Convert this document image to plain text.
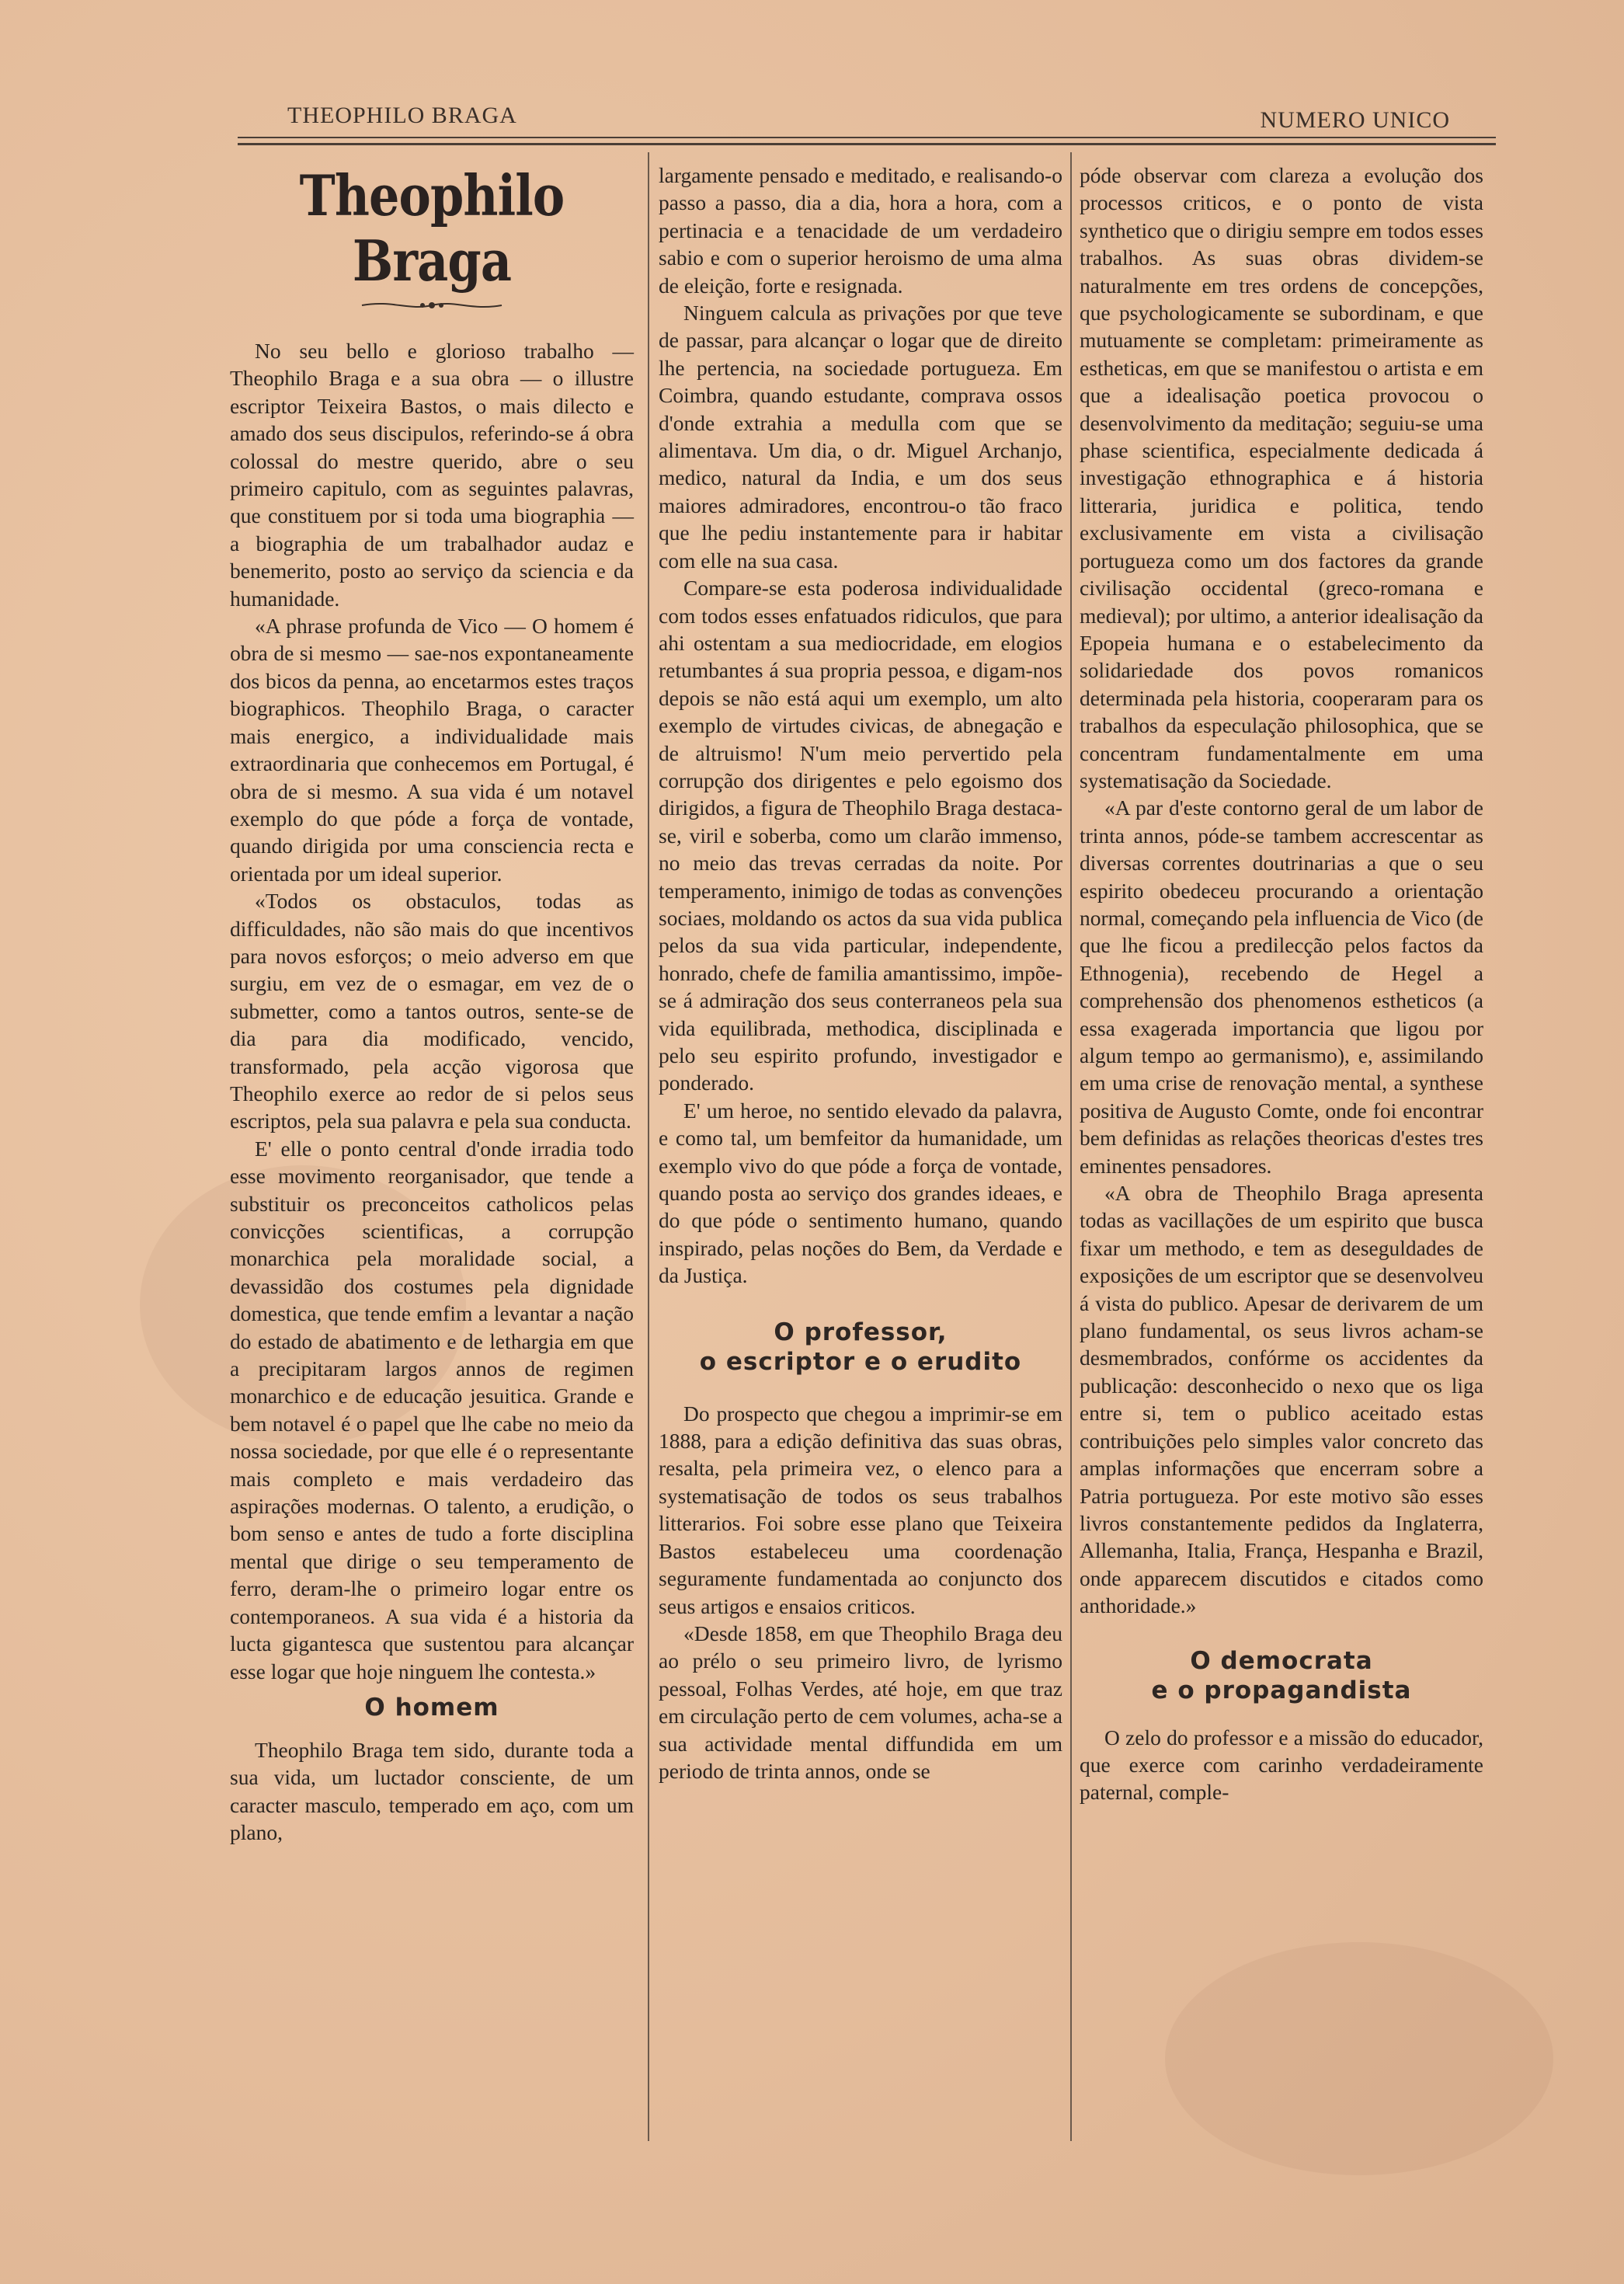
THEOPHILO BRAGA	NUMERO UNICO
Theophilo Braga

No seu bello e glorioso trabalho — Theophilo Braga e a sua obra — o illustre escriptor Teixeira Bastos, o mais dilecto e amado dos seus discipulos, referindo-se á obra colossal do mestre querido, abre o seu primeiro capitulo, com as seguintes palavras, que constituem por si toda uma biographia — a biographia de um trabalhador audaz e benemerito, posto ao serviço da sciencia e da humanidade.

«A phrase profunda de Vico — O homem é obra de si mesmo — sae-nos expontaneamente dos bicos da penna, ao encetarmos estes traços biographicos. Theophilo Braga, o caracter mais energico, a individualidade mais extraordinaria que conhecemos em Portugal, é obra de si mesmo. A sua vida é um notavel exemplo do que póde a força de vontade, quando dirigida por uma consciencia recta e orientada por um ideal superior.

«Todos os obstaculos, todas as difficuldades, não são mais do que incentivos para novos esforços; o meio adverso em que surgiu, em vez de o esmagar, em vez de o submetter, como a tantos outros, sente-se de dia para dia modificado, vencido, transformado, pela acção vigorosa que Theophilo exerce ao redor de si pelos seus escriptos, pela sua palavra e pela sua conducta.

E' elle o ponto central d'onde irradia todo esse movimento reorganisador, que tende a substituir os preconceitos catholicos pelas convicções scientificas, a corrupção monarchica pela moralidade social, a devassidão dos costumes pela dignidade domestica, que tende emfim a levantar a nação do estado de abatimento e de lethargia em que a precipitaram largos annos de regimen monarchico e de educação jesuitica. Grande e bem notavel é o papel que lhe cabe no meio da nossa sociedade, por que elle é o representante mais completo e mais verdadeiro das aspirações modernas. O talento, a erudição, o bom senso e antes de tudo a forte disciplina mental que dirige o seu temperamento de ferro, deram-lhe o primeiro logar entre os contemporaneos. A sua vida é a historia da lucta gigantesca que sustentou para alcançar esse logar que hoje ninguem lhe contesta.»

O homem

Theophilo Braga tem sido, durante toda a sua vida, um luctador consciente, de um caracter masculo, temperado em aço, com um plano,

largamente pensado e meditado, e realisando-o passo a passo, dia a dia, hora a hora, com a pertinacia e a tenacidade de um verdadeiro sabio e com o superior heroismo de uma alma de eleição, forte e resignada.

Ninguem calcula as privações por que teve de passar, para alcançar o logar que de direito lhe pertencia, na sociedade portugueza. Em Coimbra, quando estudante, comprava ossos d'onde extrahia a medulla com que se alimentava. Um dia, o dr. Miguel Archanjo, medico, natural da India, e um dos seus maiores admiradores, encontrou-o tão fraco que lhe pediu instantemente para ir habitar com elle na sua casa.

Compare-se esta poderosa individualidade com todos esses enfatuados ridiculos, que para ahi ostentam a sua mediocridade, em elogios retumbantes á sua propria pessoa, e digam-nos depois se não está aqui um exemplo, um alto exemplo de virtudes civicas, de abnegação e de altruismo! N'um meio pervertido pela corrupção dos dirigentes e pelo egoismo dos dirigidos, a figura de Theophilo Braga destaca-se, viril e soberba, como um clarão immenso, no meio das trevas cerradas da noite. Por temperamento, inimigo de todas as convenções sociaes, moldando os actos da sua vida publica pelos da sua vida particular, independente, honrado, chefe de familia amantissimo, impõe-se á admiração dos seus conterraneos pela sua vida equilibrada, methodica, disciplinada e pelo seu espirito profundo, investigador e ponderado.

E' um heroe, no sentido elevado da palavra, e como tal, um bemfeitor da humanidade, um exemplo vivo do que póde a força de vontade, quando posta ao serviço dos grandes ideaes, e do que póde o sentimento humano, quando inspirado, pelas noções do Bem, da Verdade e da Justiça.

O professor,
o escriptor e o erudito

Do prospecto que chegou a imprimir-se em 1888, para a edição definitiva das suas obras, resalta, pela primeira vez, o elenco para a systematisação de todos os seus trabalhos litterarios. Foi sobre esse plano que Teixeira Bastos estabeleceu uma coordenação seguramente fundamentada ao conjuncto dos seus artigos e ensaios criticos.

«Desde 1858, em que Theophilo Braga deu ao prélo o seu primeiro livro, de lyrismo pessoal, Folhas Verdes, até hoje, em que traz em circulação perto de cem volumes, acha-se a sua actividade mental diffundida em um periodo de trinta annos, onde se

póde observar com clareza a evolução dos processos criticos, e o ponto de vista synthetico que o dirigiu sempre em todos esses trabalhos. As suas obras dividem-se naturalmente em tres ordens de concepções, que psychologicamente se subordinam, e que mutuamente se completam: primeiramente as estheticas, em que se manifestou o artista e em que a idealisação poetica provocou o desenvolvimento da meditação; seguiu-se uma phase scientifica, especialmente dedicada á investigação ethnographica e á historia litteraria, juridica e politica, tendo exclusivamente em vista a civilisação portugueza como um dos factores da grande civilisação occidental (greco-romana e medieval); por ultimo, a anterior idealisação da Epopeia humana e o estabelecimento da solidariedade dos povos romanicos determinada pela historia, cooperaram para os trabalhos da especulação philosophica, que se concentram fundamentalmente em uma systematisação da Sociedade.

«A par d'este contorno geral de um labor de trinta annos, póde-se tambem accrescentar as diversas correntes doutrinarias a que o seu espirito obedeceu procurando a orientação normal, começando pela influencia de Vico (de que lhe ficou a predilecção pelos factos da Ethnogenia), recebendo de Hegel a comprehensão dos phenomenos estheticos (a essa exagerada importancia que ligou por algum tempo ao germanismo), e, assimilando em uma crise de renovação mental, a synthese positiva de Augusto Comte, onde foi encontrar bem definidas as relações theoricas d'estes tres eminentes pensadores.

«A obra de Theophilo Braga apresenta todas as vacillações de um espirito que busca fixar um methodo, e tem as deseguldades de exposições de um escriptor que se desenvolveu á vista do publico. Apesar de derivarem de um plano fundamental, os seus livros acham-se desmembrados, confórme os accidentes da publicação: desconhecido o nexo que os liga entre si, tem o publico aceitado estas contribuições pelo simples valor concreto das amplas informações que encerram sobre a Patria portugueza. Por este motivo são esses livros constantemente pedidos da Inglaterra, Allemanha, Italia, França, Hespanha e Brazil, onde apparecem discutidos e citados como anthoridade.»

O democrata
e o propagandista

O zelo do professor e a missão do educador, que exerce com carinho verdadeiramente paternal, comple-
